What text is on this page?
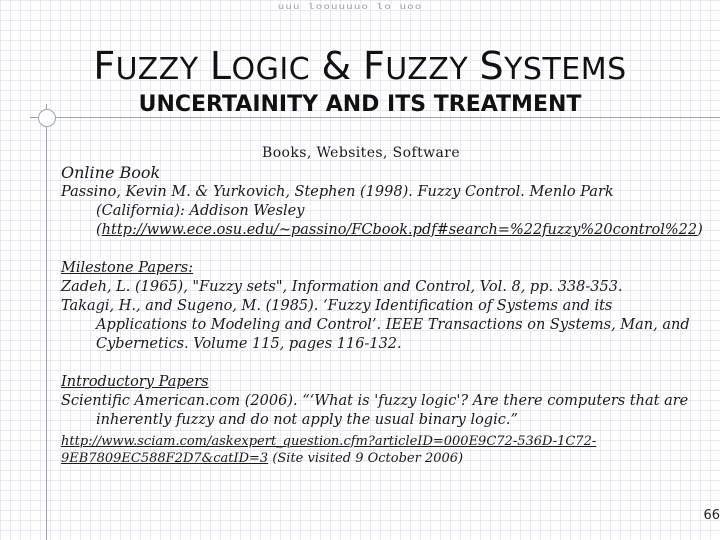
uuu loouuuuo lo uoo
FUZZY LOGIC & FUZZY SYSTEMS
UNCERTAINITY AND ITS TREATMENT
Books, Websites, Software

Online Book

Passino, Kevin M. & Yurkovich, Stephen (1998). Fuzzy Control. Menlo Park (California): Addison Wesley (http://www.ece.osu.edu/~passino/FCbook.pdf#search=%22fuzzy%20control%22)

Milestone Papers:

Zadeh, L. (1965), "Fuzzy sets", Information and Control, Vol. 8, pp. 338-353.

Takagi, H., and Sugeno, M. (1985). ‘Fuzzy Identification of Systems and its Applications to Modeling and Control’. IEEE Transactions on Systems, Man, and Cybernetics. Volume 115, pages 116-132.

Introductory Papers

Scientific American.com (2006). “‘What is 'fuzzy logic'? Are there computers that are inherently fuzzy and do not apply the usual binary logic.”

http://www.sciam.com/askexpert_question.cfm?articleID=000E9C72-536D-1C72-9EB7809EC588F2D7&catID=3 (Site visited 9 October 2006)

66
